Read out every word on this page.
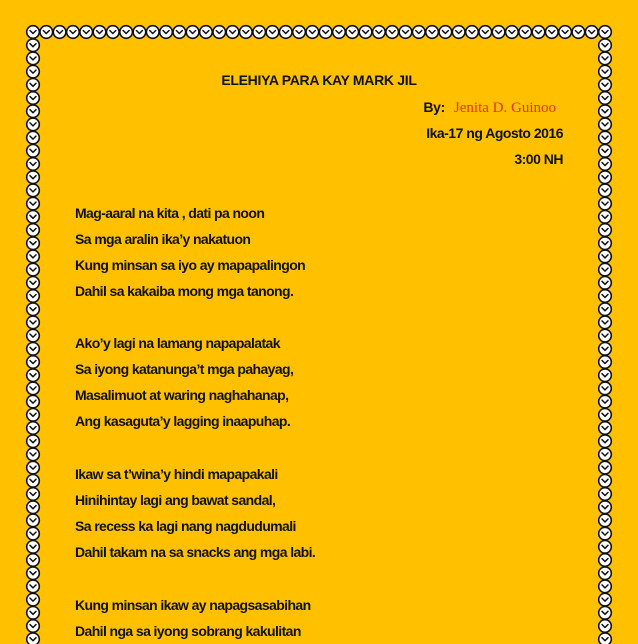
ELEHIYA PARA KAY MARK JIL
By: Jenita D. Guinoo
Ika-17 ng Agosto 2016
3:00 NH
Mag-aaral na kita , dati pa noon
Sa mga aralin ika’y nakatuon
Kung minsan sa iyo ay mapapalingon
Dahil sa kakaiba mong mga tanong.
Ako’y lagi na lamang napapalatak
Sa iyong katanunga’t mga pahayag,
Masalimuot at waring naghahanap,
Ang kasaguta’y lagging inaapuhap.
Ikaw sa t’wina’y hindi mapapakali
Hinihintay lagi ang bawat sandal,
Sa recess ka lagi nang nagdudumali
Dahil takam na sa snacks ang mga labi.
Kung minsan ikaw ay napagsasabihan
Dahil nga sa iyong sobrang kakulitan
